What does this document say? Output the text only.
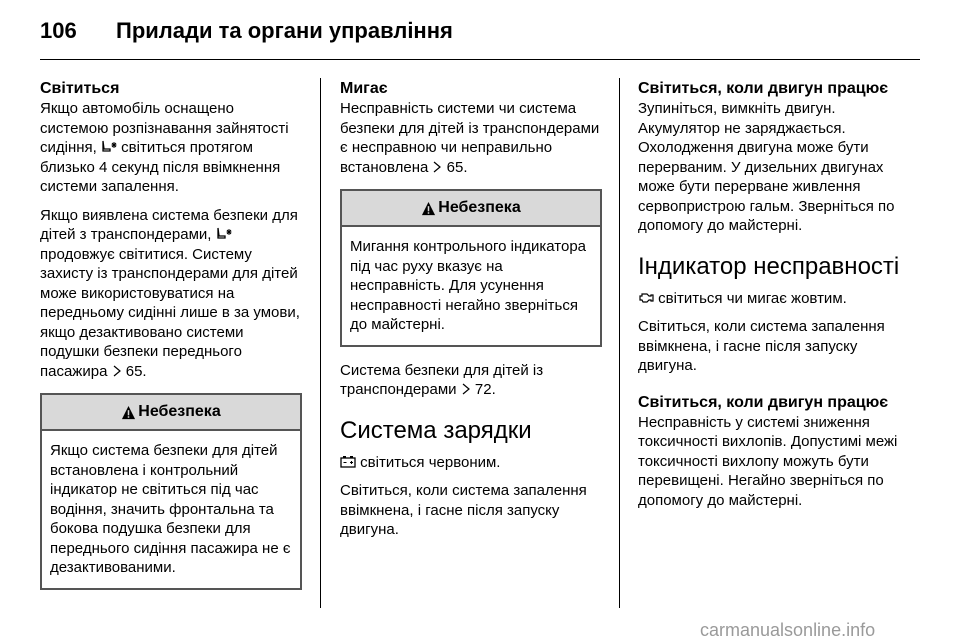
106 Прилади та органи управління
Світиться

Якщо автомобіль оснащено системою розпізнавання зайнятості сидіння,  світиться протягом близько 4 секунд після ввімкнення системи запалення.

Якщо виявлена система безпеки для дітей з транспондерами,  продовжує світитися. Систему захисту із транспондерами для дітей може використовуватися на передньому сидінні лише в за умови, якщо дезактивовано системи подушки безпеки переднього пасажира  65.

Небезпека

Якщо система безпеки для дітей встановлена і контрольний індикатор не світиться під час водіння, значить фронтальна та бокова подушка безпеки для переднього сидіння пасажира не є дезактивованими.

Мигає

Несправність системи чи система безпеки для дітей із транспондерами є несправною чи неправильно встановлена  65.

Небезпека

Мигання контрольного індикатора під час руху вказує на несправність. Для усунення несправності негайно зверніться до майстерні.

Система безпеки для дітей із транспондерами  72.

Система зарядки

світиться червоним.

Світиться, коли система запалення ввімкнена, і гасне після запуску двигуна.

Світиться, коли двигун працює

Зупиніться, вимкніть двигун. Акумулятор не заряджається. Охолодження двигуна може бути перерваним. У дизельних двигунах може бути перерване живлення сервопристрою гальм. Зверніться по допомогу до майстерні.

Індикатор несправності

світиться чи мигає жовтим.

Світиться, коли система запалення ввімкнена, і гасне після запуску двигуна.

Світиться, коли двигун працює

Несправність у системі зниження токсичності вихлопів. Допустимі межі токсичності вихлопу можуть бути перевищені. Негайно зверніться по допомогу до майстерні.

carmanualsonline.info
